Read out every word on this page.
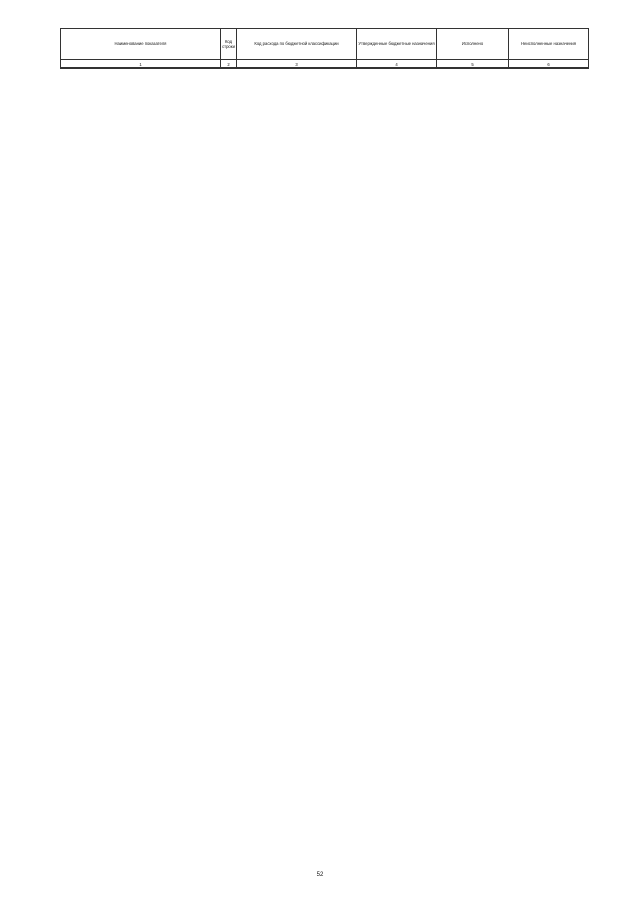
Наименование показателя	Код строки	Код расхода по бюджетной классификации	Утвержденные бюджетные назначения	Исполнено	Неисполненные назначения
1	2	3	4	5	6

52
